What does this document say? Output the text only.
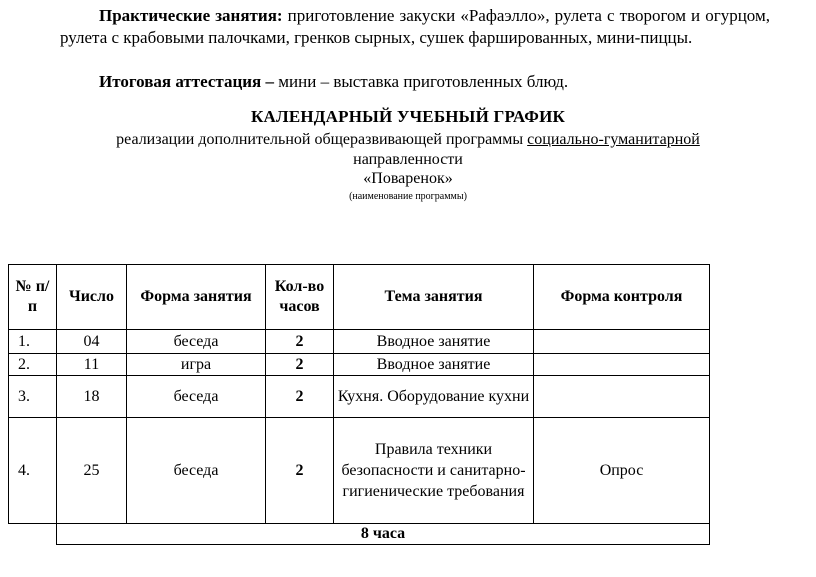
Практические занятия: приготовление закуски «Рафаэлло», рулета с творогом и огурцом, рулета с крабовыми палочками, гренков сырных, сушек фаршированных, мини-пиццы.
Итоговая аттестация – мини – выставка приготовленных блюд.
КАЛЕНДАРНЫЙ УЧЕБНЫЙ ГРАФИК
реализации дополнительной общеразвивающей программы социально-гуманитарной
направленности
«Поваренок»
(наименование программы)
№ п/п	Число	Форма занятия	Кол-во часов	Тема занятия	Форма контроля
1.	04	беседа	2	Вводное занятие	
2.	11	игра	2	Вводное занятие	
3.	18	беседа	2	Кухня. Оборудование кухни	
4.	25	беседа	2	Правила техники безопасности и санитарно-гигиенические требования	Опрос
	8 часа				
